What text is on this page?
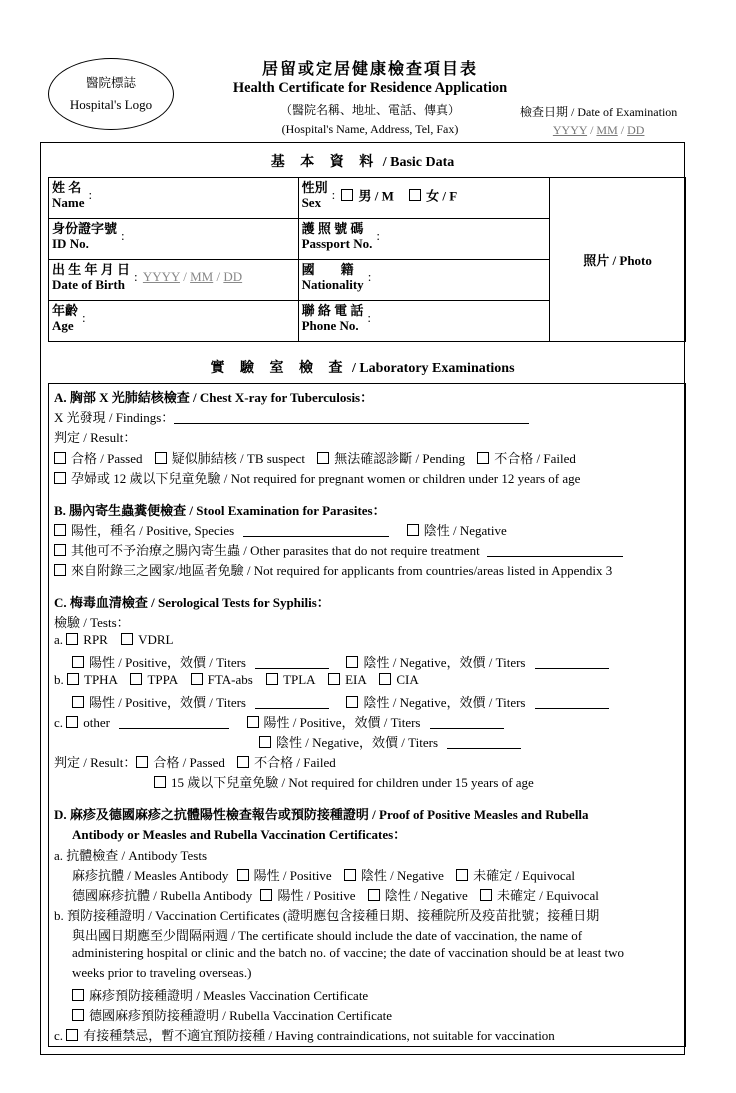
醫院標誌
Hospital's Logo
居留或定居健康檢查項目表
Health Certificate for Residence Application
（醫院名稱、地址、電話、傳真）
(Hospital's Name, Address, Tel, Fax)
檢查日期 / Date of Examination
YYYY / MM / DD
基 本 資 料 / Basic Data
姓 名
Name:	性別
Sex: 男 / M 女 / F	照片 / Photo
身份證字號
ID No.:	護 照 號 碼
Passport No.:	
出 生 年 月 日
Date of Birth: YYYY / MM / DD	國　　籍
Nationality:	
年齡
Age:	聯 絡 電 話
Phone No.:	
實 驗 室 檢 查 / Laboratory Examinations
A. 胸部 X 光肺結核檢查 / Chest X-ray for Tuberculosis：
X 光發現 / Findings：
判定 / Result：
合格 / Passed 疑似肺結核 / TB suspect 無法確認診斷 / Pending 不合格 / Failed
孕婦或 12 歲以下兒童免驗 / Not required for pregnant women or children under 12 years of age
B. 腸內寄生蟲糞便檢查 / Stool Examination for Parasites：
陽性，種名 / Positive, Species	陰性 / Negative
其他可不予治療之腸內寄生蟲 / Other parasites that do not require treatment
來自附錄三之國家/地區者免驗 / Not required for applicants from countries/areas listed in Appendix 3
C. 梅毒血清檢查 / Serological Tests for Syphilis：
檢驗 / Tests：
a. RPR VDRL
陽性 / Positive，效價 / Titers	陰性 / Negative，效價 / Titers
b. TPHA TPPA FTA-abs TPLA EIA CIA
陽性 / Positive，效價 / Titers	陰性 / Negative，效價 / Titers
c. other	陽性 / Positive，效價 / Titers
陰性 / Negative，效價 / Titers
判定 / Result： 合格 / Passed 不合格 / Failed
15 歲以下兒童免驗 / Not required for children under 15 years of age
D. 麻疹及德國麻疹之抗體陽性檢查報告或預防接種證明 / Proof of Positive Measles and Rubella
Antibody or Measles and Rubella Vaccination Certificates：
a. 抗體檢查 / Antibody Tests
麻疹抗體 / Measles Antibody 陽性 / Positive 陰性 / Negative 未確定 / Equivocal
德國麻疹抗體 / Rubella Antibody 陽性 / Positive 陰性 / Negative 未確定 / Equivocal
b. 預防接種證明 / Vaccination Certificates (證明應包含接種日期、接種院所及疫苗批號；接種日期
與出國日期應至少間隔兩週 / The certificate should include the date of vaccination, the name of
administering hospital or clinic and the batch no. of vaccine; the date of vaccination should be at least two
weeks prior to traveling overseas.)
麻疹預防接種證明 / Measles Vaccination Certificate
德國麻疹預防接種證明 / Rubella Vaccination Certificate
c. 有接種禁忌，暫不適宜預防接種 / Having contraindications, not suitable for vaccination
